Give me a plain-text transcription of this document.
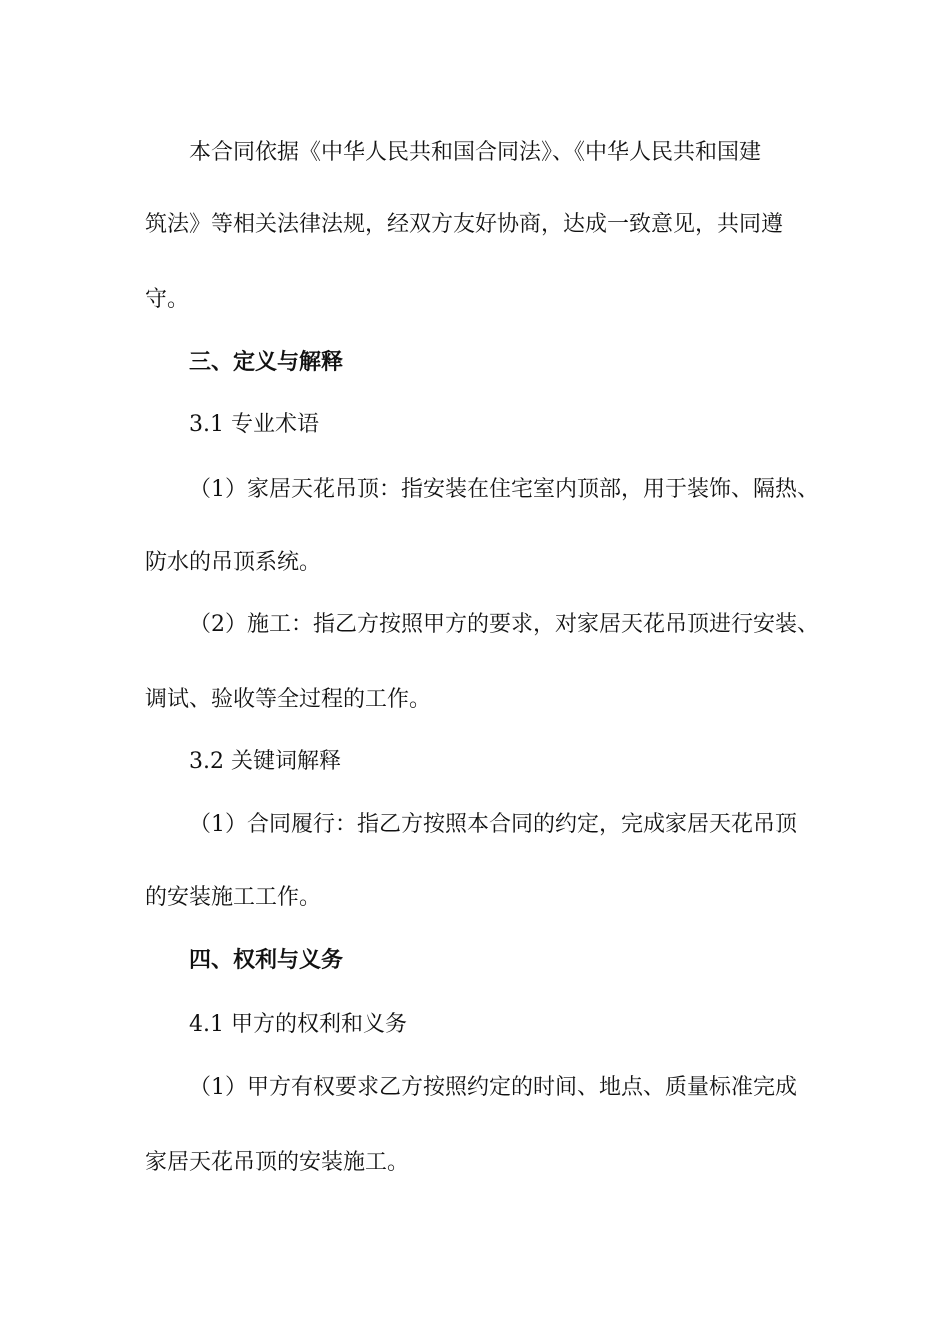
本合同依据《中华人民共和国合同法》、《中华人民共和国建
筑法》等相关法律法规，经双方友好协商，达成一致意见，共同遵
守。
三、定义与解释
3.1 专业术语
（1）家居天花吊顶：指安装在住宅室内顶部，用于装饰、隔热、
防水的吊顶系统。
（2）施工：指乙方按照甲方的要求，对家居天花吊顶进行安装、
调试、验收等全过程的工作。
3.2 关键词解释
（1）合同履行：指乙方按照本合同的约定，完成家居天花吊顶
的安装施工工作。
四、权利与义务
4.1 甲方的权利和义务
（1）甲方有权要求乙方按照约定的时间、地点、质量标准完成
家居天花吊顶的安装施工。
